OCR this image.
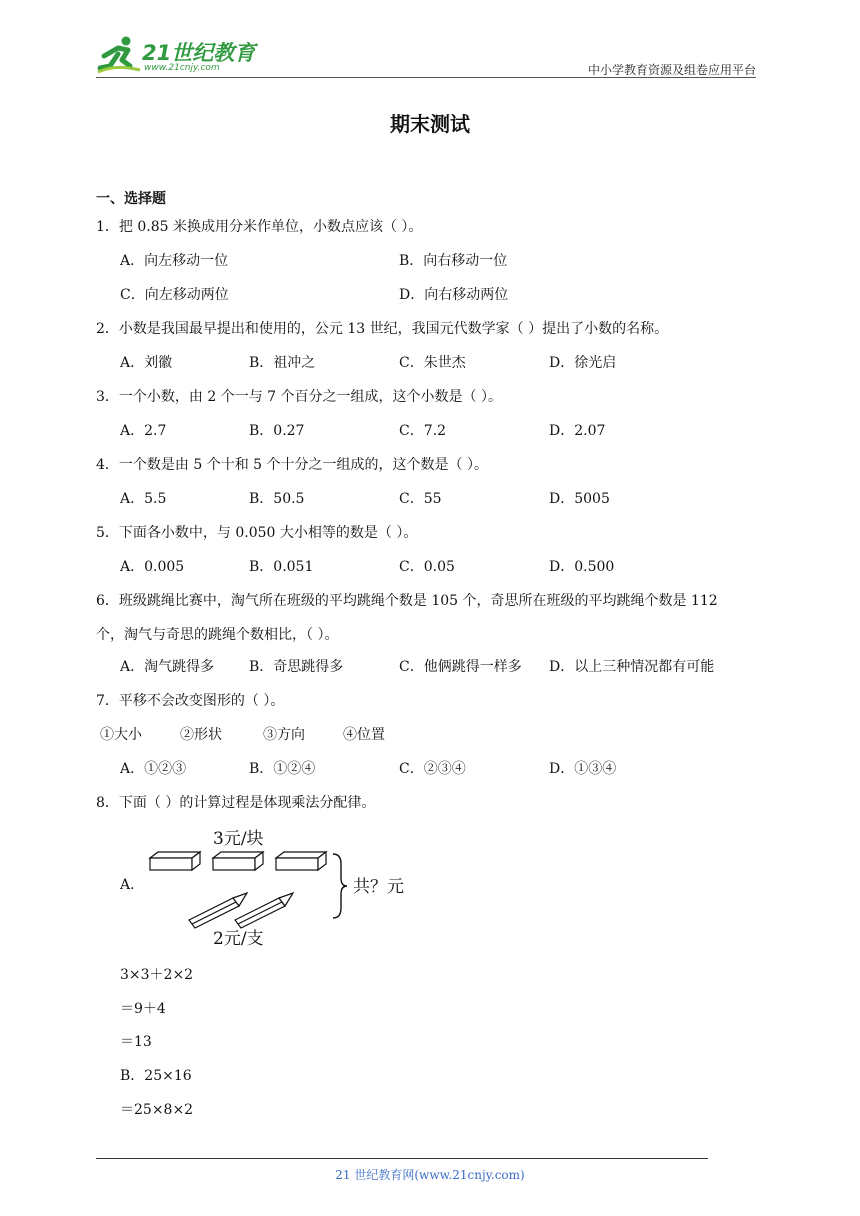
21世纪教育
www.21cnjy.com	中小学教育资源及组卷应用平台
期末测试
一、选择题
1．把 0.85 米换成用分米作单位，小数点应该（ ）。
A．向左移动一位	B．向右移动一位
C．向左移动两位	D．向右移动两位
2．小数是我国最早提出和使用的，公元 13 世纪，我国元代数学家（ ）提出了小数的名称。
A．刘徽	B．祖冲之	C．朱世杰	D．徐光启
3．一个小数，由 2 个一与 7 个百分之一组成，这个小数是（ ）。
A．2.7	B．0.27	C．7.2	D．2.07
4．一个数是由 5 个十和 5 个十分之一组成的，这个数是（ ）。
A．5.5	B．50.5	C．55	D．5005
5．下面各小数中，与 0.050 大小相等的数是（ ）。
A．0.005	B．0.051	C．0.05	D．0.500
6．班级跳绳比赛中，淘气所在班级的平均跳绳个数是 105 个，奇思所在班级的平均跳绳个数是 112
个，淘气与奇思的跳绳个数相比，（ ）。
A．淘气跳得多 B．奇思跳得多	C．他俩跳得一样多 D．以上三种情况都有可能
7．平移不会改变图形的（ ）。
①大小	②形状	③方向	④位置
A．①②③	B．①②④	C．②③④	D．①③④
8．下面（ ）的计算过程是体现乘法分配律。
A．
3元/块
共？元
2元/支
3×3＋2×2
＝9＋4
＝13
B．25×16
＝25×8×2
21 世纪教育网(www.21cnjy.com)
